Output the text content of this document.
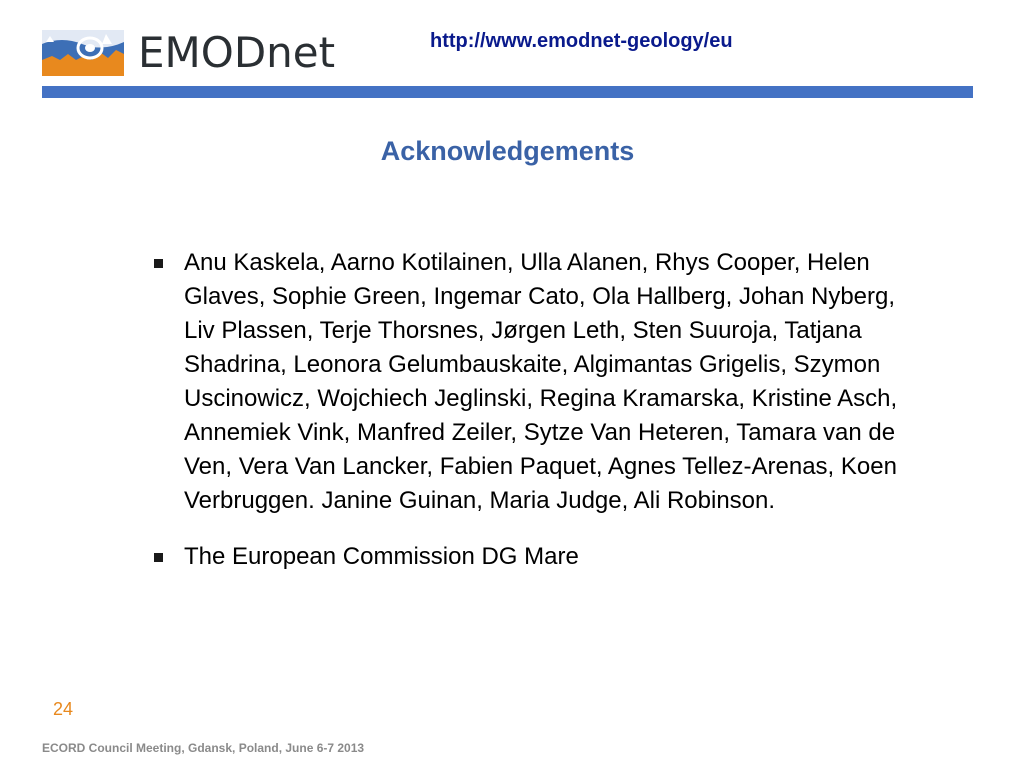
EMODnet	http://www.emodnet-geology/eu
Acknowledgements
Anu Kaskela, Aarno Kotilainen, Ulla Alanen, Rhys Cooper, Helen Glaves, Sophie Green, Ingemar Cato, Ola Hallberg, Johan Nyberg, Liv Plassen, Terje Thorsnes, Jørgen Leth, Sten Suuroja, Tatjana Shadrina, Leonora Gelumbauskaite, Algimantas Grigelis, Szymon Uscinowicz, Wojchiech Jeglinski, Regina Kramarska, Kristine Asch, Annemiek Vink, Manfred Zeiler, Sytze Van Heteren, Tamara van de Ven, Vera Van Lancker, Fabien Paquet, Agnes Tellez-Arenas, Koen Verbruggen. Janine Guinan, Maria Judge, Ali Robinson.
The European Commission DG Mare
24
ECORD Council Meeting, Gdansk, Poland, June 6-7 2013
